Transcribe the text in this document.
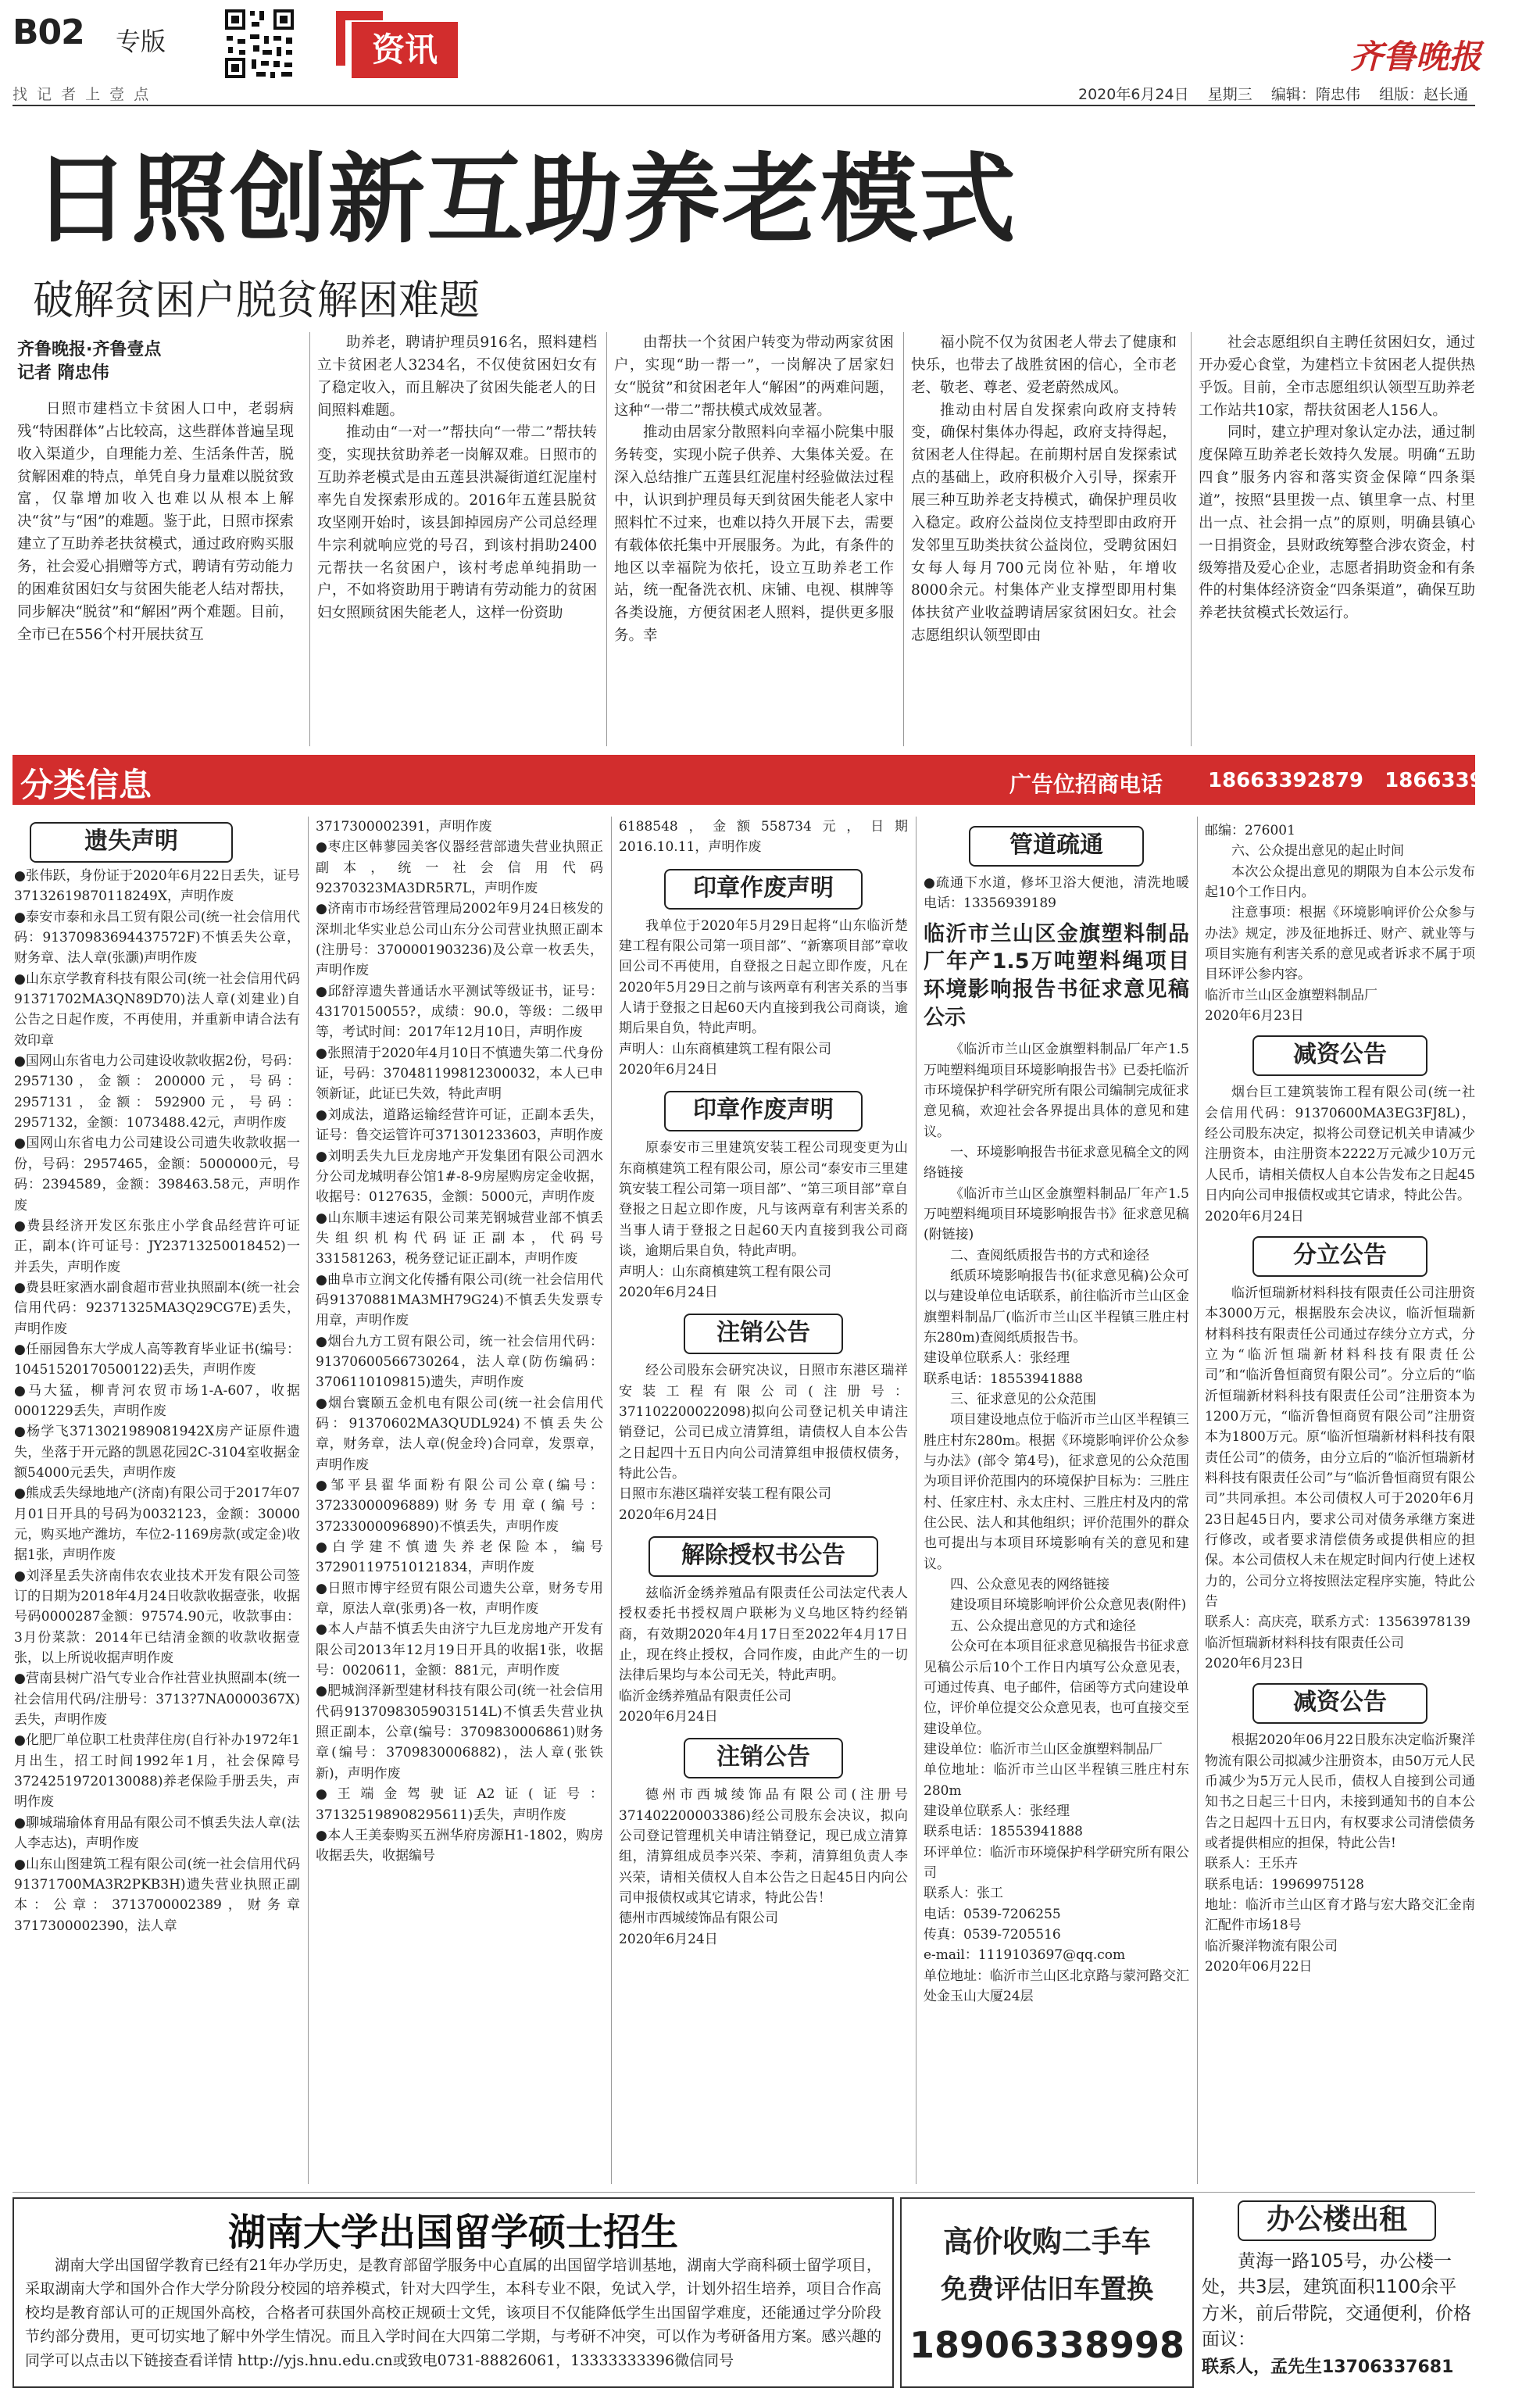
B02 专版
找 记 者 上 壹 点
资讯	齐鲁晚报
2020年6月24日    星期三    编辑：隋忠伟    组版：赵长通
日照创新互助养老模式
破解贫困户脱贫解困难题
齐鲁晚报·齐鲁壹点
记者 隋忠伟

日照市建档立卡贫困人口中，老弱病残“特困群体”占比较高，这些群体普遍呈现收入渠道少，自理能力差、生活条件苦，脱贫解困难的特点，单凭自身力量难以脱贫致富，仅靠增加收入也难以从根本上解决“贫”与“困”的难题。鉴于此，日照市探索建立了互助养老扶贫模式，通过政府购买服务，社会爱心捐赠等方式，聘请有劳动能力的困难贫困妇女与贫困失能老人结对帮扶，同步解决“脱贫”和“解困”两个难题。目前，全市已在556个村开展扶贫互

助养老，聘请护理员916名，照料建档立卡贫困老人3234名，不仅使贫困妇女有了稳定收入，而且解决了贫困失能老人的日间照料难题。

推动由“一对一”帮扶向“一带二”帮扶转变，实现扶贫助养老一岗解双难。日照市的互助养老模式是由五莲县洪凝街道红泥崖村率先自发探索形成的。2016年五莲县脱贫攻坚刚开始时，该县卸掉园房产公司总经理牛宗利就响应党的号召，到该村捐助2400元帮扶一名贫困户，该村考虑单纯捐助一户，不如将资助用于聘请有劳动能力的贫困妇女照顾贫困失能老人，这样一份资助

由帮扶一个贫困户转变为带动两家贫困户，实现“助一帮一”，一岗解决了居家妇女“脱贫”和贫困老年人“解困”的两难问题，这种“一带二”帮扶模式成效显著。

推动由居家分散照料向幸福小院集中服务转变，实现小院子供养、大集体关爱。在深入总结推广五莲县红泥崖村经验做法过程中，认识到护理员每天到贫困失能老人家中照料忙不过来，也难以持久开展下去，需要有载体依托集中开展服务。为此，有条件的地区以幸福院为依托，设立互助养老工作站，统一配备洗衣机、床铺、电视、棋牌等各类设施，方便贫困老人照料，提供更多服务。幸

福小院不仅为贫困老人带去了健康和快乐，也带去了战胜贫困的信心，全市老老、敬老、尊老、爱老蔚然成风。

推动由村居自发探索向政府支持转变，确保村集体办得起，政府支持得起，贫困老人住得起。在前期村居自发探索试点的基础上，政府积极介入引导，探索开展三种互助养老支持模式，确保护理员收入稳定。政府公益岗位支持型即由政府开发邻里互助类扶贫公益岗位，受聘贫困妇女每人每月700元岗位补贴，年增收8000余元。村集体产业支撑型即用村集体扶贫产业收益聘请居家贫困妇女。社会志愿组织认领型即由

社会志愿组织自主聘任贫困妇女，通过开办爱心食堂，为建档立卡贫困老人提供热乎饭。目前，全市志愿组织认领型互助养老工作站共10家，帮扶贫困老人156人。

同时，建立护理对象认定办法，通过制度保障互助养老长效持久发展。明确“五助四食”服务内容和落实资金保障“四条渠道”，按照“县里拨一点、镇里拿一点、村里出一点、社会捐一点”的原则，明确县镇心一日捐资金，县财政统筹整合涉农资金，村级筹措及爱心企业，志愿者捐助资金和有条件的村集体经济资金“四条渠道”，确保互助养老扶贫模式长效运行。

分类信息	广告位招商电话 18663392879   18663392869
遗失声明
●张伟跃，身份证于2020年6月22日丢失，证号37132619870118249X，声明作废
●泰安市泰和永昌工贸有限公司(统一社会信用代码：91370983694437572F)不慎丢失公章，财务章、法人章(张灏)声明作废
●山东京学教育科技有限公司(统一社会信用代码91371702MA3QN89D70)法人章(刘建业)自公告之日起作废，不再使用，并重新申请合法有效印章
●国网山东省电力公司建设收款收据2份，号码：2957130，金额：200000元，号码：2957131，金额：592900元，号码：2957132，金额：1073488.42元，声明作废
●国网山东省电力公司建设公司遗失收款收据一份，号码：2957465，金额：5000000元，号码：2394589，金额：398463.58元，声明作废
●费县经济开发区东张庄小学食品经营许可证正，副本(许可证号：JY23713250018452)一并丢失，声明作废
●费县旺家酒水副食超市营业执照副本(统一社会信用代码：92371325MA3Q29CG7E)丢失，声明作废
●任丽园鲁东大学成人高等教育毕业证书(编号：10451520170500122)丢失，声明作废
●马大猛，柳青河农贸市场1-A-607，收据0001229丢失，声明作废
●杨学飞3713021989081942X房产证原件遗失，坐落于开元路的凯恩花园2C-3104室收据金额54000元丢失，声明作废
●熊成丢失绿地地产(济南)有限公司于2017年07月01日开具的号码为0032123，金额：30000元，购买地产潍坊，车位2-1169房款(或定金)收据1张，声明作废
●刘泽星丢失济南伟农农业技术开发有限公司签订的日期为2018年4月24日收款收据壹张，收据号码0000287金额：97574.90元，收款事由：3月份菜款：2014年已结清金额的收款收据壹张，以上所说收据声明作废
●营南县树广沿气专业合作社营业执照副本(统一社会信用代码/注册号：3713?7NA0000367X)丢失，声明作废
●化肥厂单位职工杜贵萍住房(自行补办1972年1月出生，招工时间1992年1月，社会保障号37242519720130088)养老保险手册丢失，声明作废
●聊城瑞瑜体育用品有限公司不慎丢失法人章(法人李志达)，声明作废
●山东山图建筑工程有限公司(统一社会信用代码91371700MA3R2PKB3H)遗失营业执照正副本：公章：3713700002389，财务章3717300002390，法人章
3717300002391，声明作废
●枣庄区韩蓼园美客仪器经营部遗失营业执照正副本，统一社会信用代码92370323MA3DR5R7L，声明作废
●济南市市场经营管理局2002年9月24日核发的深圳北华实业总公司山东分公司营业执照正副本(注册号：3700001903236)及公章一枚丢失，声明作废
●邱舒淳遗失普通话水平测试等级证书，证号：43170150055?，成绩：90.0，等级：二级甲等，考试时间：2017年12月10日，声明作废
●张照清于2020年4月10日不慎遗失第二代身份证，号码：370481199812300032，本人已申领新证，此证已失效，特此声明
●刘成法，道路运输经营许可证，正副本丢失，证号：鲁交运管许可371301233603，声明作废
●刘明丢失九巨龙房地产开发集团有限公司泗水分公司龙城明春公馆1#-8-9房屋购房定金收据，收据号：0127635，金额：5000元，声明作废
●山东顺丰速运有限公司莱芜钢城营业部不慎丢失组织机构代码证正副本，代码号331581263，税务登记证正副本，声明作废
●曲阜市立润文化传播有限公司(统一社会信用代码91370881MA3MH79G24)不慎丢失发票专用章，声明作废
●烟台九方工贸有限公司，统一社会信用代码：91370600566730264，法人章(防伤编码：3706110109815)遗失，声明作废
●烟台寰颐五金机电有限公司(统一社会信用代码：91370602MA3QUDL924)不慎丢失公章，财务章，法人章(倪金玲)合同章，发票章，声明作废
●邹平县翟华面粉有限公司公章(编号：37233000096889)财务专用章(编号：37233000096890)不慎丢失，声明作废
●白学建不慎遗失养老保险本，编号372901197510121834，声明作废
●日照市博宇经贸有限公司遗失公章，财务专用章，原法人章(张勇)各一枚，声明作废
●本人卢喆不慎丢失由济宁九巨龙房地产开发有限公司2013年12月19日开具的收据1张，收据号：0020611，金额：881元，声明作废
●肥城润泽新型建材科技有限公司(统一社会信用代码91370983059031514L)不慎丢失营业执照正副本，公章(编号：3709830006861)财务章(编号：3709830006882)，法人章(张铁新)，声明作废
●王端金驾驶证A2证(证号：371325198908295611)丢失，声明作废
●本人王美泰购买五洲华府房源H1-1802，购房收据丢失，收据编号
6188548，金额558734元，日期2016.10.11，声明作废
印章作废声明

我单位于2020年5月29日起将“山东临沂楚建工程有限公司第一项目部”、“新寨项目部”章收回公司不再使用，自登报之日起立即作废，凡在2020年5月29日之前与该两章有利害关系的当事人请于登报之日起60天内直接到我公司商谈，逾期后果自负，特此声明。

声明人：山东商槙建筑工程有限公司
2020年6月24日
印章作废声明

原泰安市三里建筑安装工程公司现变更为山东商槙建筑工程有限公司，原公司“泰安市三里建筑安装工程公司第一项目部”、“第三项目部”章自登报之日起立即作废，凡与该两章有利害关系的当事人请于登报之日起60天内直接到我公司商谈，逾期后果自负，特此声明。

声明人：山东商槙建筑工程有限公司
2020年6月24日
注销公告

经公司股东会研究决议，日照市东港区瑞祥安装工程有限公司(注册号：371102200022098)拟向公司登记机关申请注销登记，公司已成立清算组，请债权人自本公告之日起四十五日内向公司清算组申报债权债务，特此公告。

日照市东港区瑞祥安装工程有限公司
2020年6月24日
解除授权书公告

兹临沂金绣养殖品有限责任公司法定代表人授权委托书授权周户联彬为义乌地区特约经销商，有效期2020年4月17日至2022年4月17日止，现在终止授权，合同作废，由此产生的一切法律后果均与本公司无关，特此声明。

临沂金绣养殖品有限责任公司
2020年6月24日
注销公告

德州市西城绫饰品有限公司(注册号 371402200003386)经公司股东会决议，拟向公司登记管理机关申请注销登记，现已成立清算组，清算组成员李兴荣、李莉，清算组负责人李兴荣，请相关债权人自本公告之日起45日内向公司申报债权或其它请求，特此公告！

德州市西城绫饰品有限公司
2020年6月24日
管道疏通
●疏通下水道，修坏卫浴大便池，清洗地暖 电话：13356939189
临沂市兰山区金旗塑料制品厂年产1.5万吨塑料绳项目环境影响报告书征求意见稿公示

《临沂市兰山区金旗塑料制品厂年产1.5万吨塑料绳项目环境影响报告书》已委托临沂市环境保护科学研究所有限公司编制完成征求意见稿，欢迎社会各界提出具体的意见和建议。

一、环境影响报告书征求意见稿全文的网络链接

《临沂市兰山区金旗塑料制品厂年产1.5万吨塑料绳项目环境影响报告书》征求意见稿(附链接)

二、查阅纸质报告书的方式和途径

纸质环境影响报告书(征求意见稿)公众可以与建设单位电话联系，前往临沂市兰山区金旗塑料制品厂(临沂市兰山区半程镇三胜庄村东280m)查阅纸质报告书。

建设单位联系人：张经理
联系电话：18553941888

三、征求意见的公众范围

项目建设地点位于临沂市兰山区半程镇三胜庄村东280m。根据《环境影响评价公众参与办法》(部令 第4号)，征求意见的公众范围为项目评价范围内的环境保护目标为：三胜庄村、任家庄村、永太庄村、三胜庄村及内的常住公民、法人和其他组织；评价范围外的群众也可提出与本项目环境影响有关的意见和建议。

四、公众意见表的网络链接

建设项目环境影响评价公众意见表(附件)

五、公众提出意见的方式和途径

公众可在本项目征求意见稿报告书征求意见稿公示后10个工作日内填写公众意见表，可通过传真、电子邮件，信函等方式向建设单位，评价单位提交公众意见表，也可直接交至建设单位。

建设单位：临沂市兰山区金旗塑料制品厂
单位地址：临沂市兰山区半程镇三胜庄村东280m
建设单位联系人：张经理
联系电话：18553941888
环评单位：临沂市环境保护科学研究所有限公司
联系人：张工
电话：0539-7206255
传真：0539-7205516
e-mail：1119103697@qq.com
单位地址：临沂市兰山区北京路与蒙河路交汇处金玉山大厦24层
邮编：276001

六、公众提出意见的起止时间

本次公众提出意见的期限为自本公示发布起10个工作日内。

注意事项：根据《环境影响评价公众参与办法》规定，涉及征地拆迁、财产、就业等与项目实施有利害关系的意见或者诉求不属于项目环评公参内容。

临沂市兰山区金旗塑料制品厂
2020年6月23日
减资公告

烟台巨工建筑装饰工程有限公司(统一社会信用代码：91370600MA3EG3FJ8L)，经公司股东决定，拟将公司登记机关申请减少注册资本，由注册资本2222万元减少10万元人民币，请相关债权人自本公告发布之日起45日内向公司申报债权或其它请求，特此公告。

2020年6月24日
分立公告

临沂恒瑞新材料科技有限责任公司注册资本3000万元，根据股东会决议，临沂恒瑞新材料科技有限责任公司通过存续分立方式，分立为“临沂恒瑞新材料科技有限责任公司”和“临沂鲁恒商贸有限公司”。分立后的“临沂恒瑞新材料科技有限责任公司”注册资本为1200万元，“临沂鲁恒商贸有限公司”注册资本为1800万元。原“临沂恒瑞新材料科技有限责任公司”的债务，由分立后的“临沂恒瑞新材料科技有限责任公司”与“临沂鲁恒商贸有限公司”共同承担。本公司债权人可于2020年6月23日起45日内，要求公司对债务承继方案进行修改，或者要求清偿债务或提供相应的担保。本公司债权人未在规定时间内行使上述权力的，公司分立将按照法定程序实施，特此公告

联系人：高庆亮，联系方式：13563978139
临沂恒瑞新材料科技有限责任公司
2020年6月23日
减资公告

根据2020年06月22日股东决定临沂聚洋物流有限公司拟减少注册资本，由50万元人民币减少为5万元人民币，债权人自接到公司通知书之日起三十日内，未接到通知书的自本公告之日起四十五日内，有权要求公司清偿债务或者提供相应的担保，特此公告!

联系人：王乐卉
联系电话：19969975128
地址：临沂市兰山区育才路与宏大路交汇金南汇配件市场18号
临沂聚洋物流有限公司
2020年06月22日
湖南大学出国留学硕士招生

湖南大学出国留学教育已经有21年办学历史，是教育部留学服务中心直属的出国留学培训基地，湖南大学商科硕士留学项目，采取湖南大学和国外合作大学分阶段分校园的培养模式，针对大四学生，本科专业不限，免试入学，计划外招生培养，项目合作高校均是教育部认可的正规国外高校，合格者可获国外高校正规硕士文凭，该项目不仅能降低学生出国留学难度，还能通过学分阶段节约部分费用，更可切实地了解中外学生情况。而且入学时间在大四第二学期，与考研不冲突，可以作为考研备用方案。感兴趣的同学可以点击以下链接查看详情 http://yjs.hnu.edu.cn或致电0731-88826061，13333333396微信同号

高价收购二手车
免费评估旧车置换
18906338998
办公楼出租
黄海一路105号，办公楼一处，共3层，建筑面积1100余平方米，前后带院，交通便利，价格面议：
联系人，孟先生13706337681
